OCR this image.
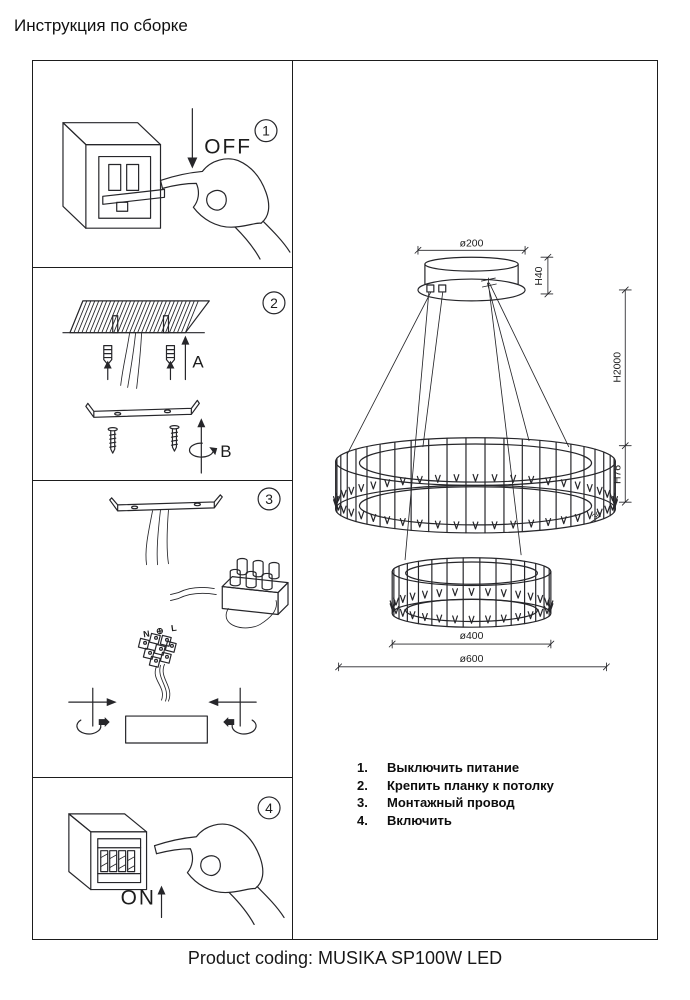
Инструкция по сборке
OFF
1
A
B
2
N ⊕ L
3
ON
4
ø200
H40
H2000
H76
30
ø400
ø600
1.	Выключить питание
2.	Крепить планку к потолку
3.	Монтажный провод
4.	Включить
Product coding: MUSIKA SP100W LED
